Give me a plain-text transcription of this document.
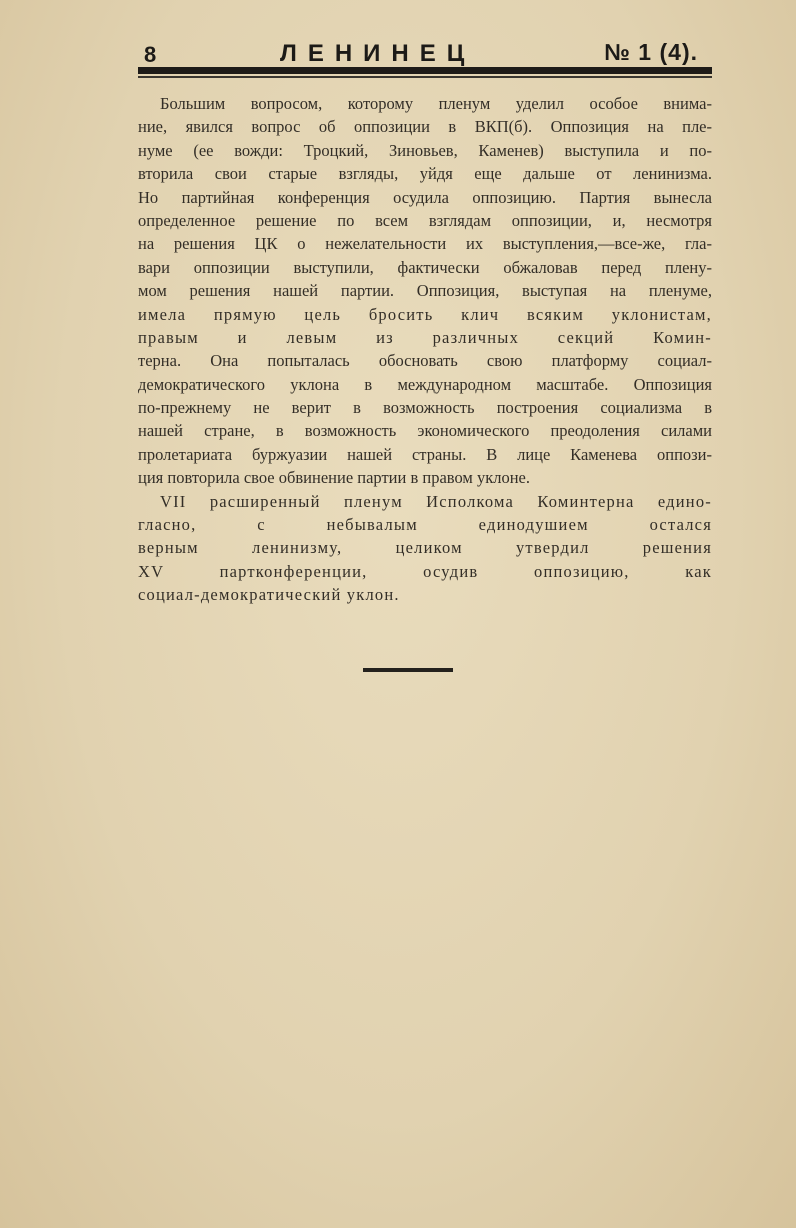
8	ЛЕНИНЕЦ	№ 1 (4).
Большим вопросом, которому пленум уделил особое внима-
ние, явился вопрос об оппозиции в ВКП(б). Оппозиция на пле-
нуме (ее вожди: Троцкий, Зиновьев, Каменев) выступила и по-
вторила свои старые взгляды, уйдя еще дальше от ленинизма.
Но партийная конференция осудила оппозицию. Партия вынесла
определенное решение по всем взглядам оппозиции, и, несмотря
на решения ЦК о нежелательности их выступления,—все-же, гла-
вари оппозиции выступили, фактически обжаловав перед плену-
мом решения нашей партии. Оппозиция, выступая на пленуме,
имела прямую цель бросить клич всяким уклонистам,
правым и левым из различных секций Комин-
терна. Она попыталась обосновать свою платформу социал-
демократического уклона в международном масштабе. Оппозиция
по-прежнему не верит в возможность построения социализма в
нашей стране, в возможность экономического преодоления силами
пролетариата буржуазии нашей страны. В лице Каменева оппози-
ция повторила свое обвинение партии в правом уклоне.
VII расширенный пленум Исполкома Коминтерна едино-
гласно, с небывалым единодушием остался
верным ленинизму, целиком утвердил решения
XV партконференции, осудив оппозицию, как
социал-демократический уклон.
